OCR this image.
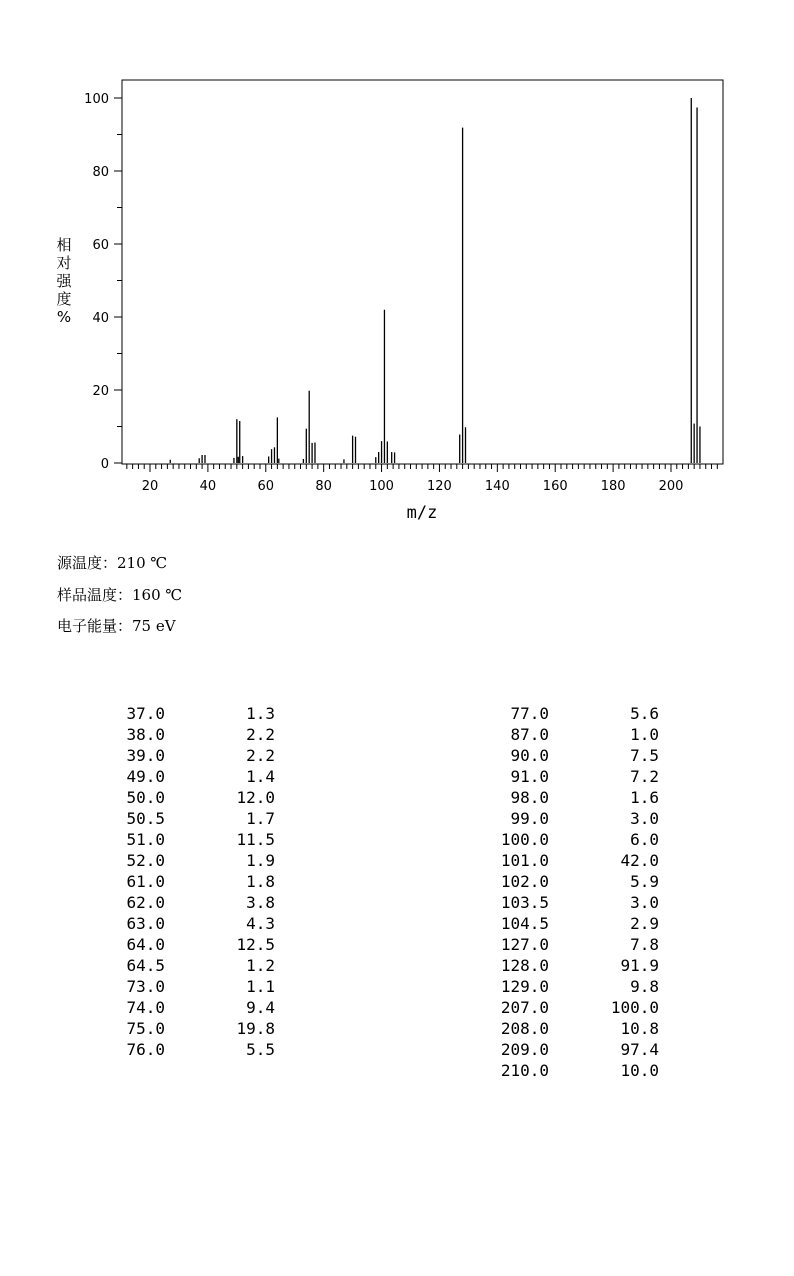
20	40	60	80	100	120	140	160	180	200
0
20
40
60
80
100
m/z
相
对
强
度
%
源温度：210 ℃
样品温度：160 ℃
电子能量：75 eV
37.0	1.3
38.0	2.2
39.0	2.2
49.0	1.4
50.0	12.0
50.5	1.7
51.0	11.5
52.0	1.9
61.0	1.8
62.0	3.8
63.0	4.3
64.0	12.5
64.5	1.2
73.0	1.1
74.0	9.4
75.0	19.8
76.0	5.5
77.0	5.6
87.0	1.0
90.0	7.5
91.0	7.2
98.0	1.6
99.0	3.0
100.0	6.0
101.0	42.0
102.0	5.9
103.5	3.0
104.5	2.9
127.0	7.8
128.0	91.9
129.0	9.8
207.0	100.0
208.0	10.8
209.0	97.4
210.0	10.0
